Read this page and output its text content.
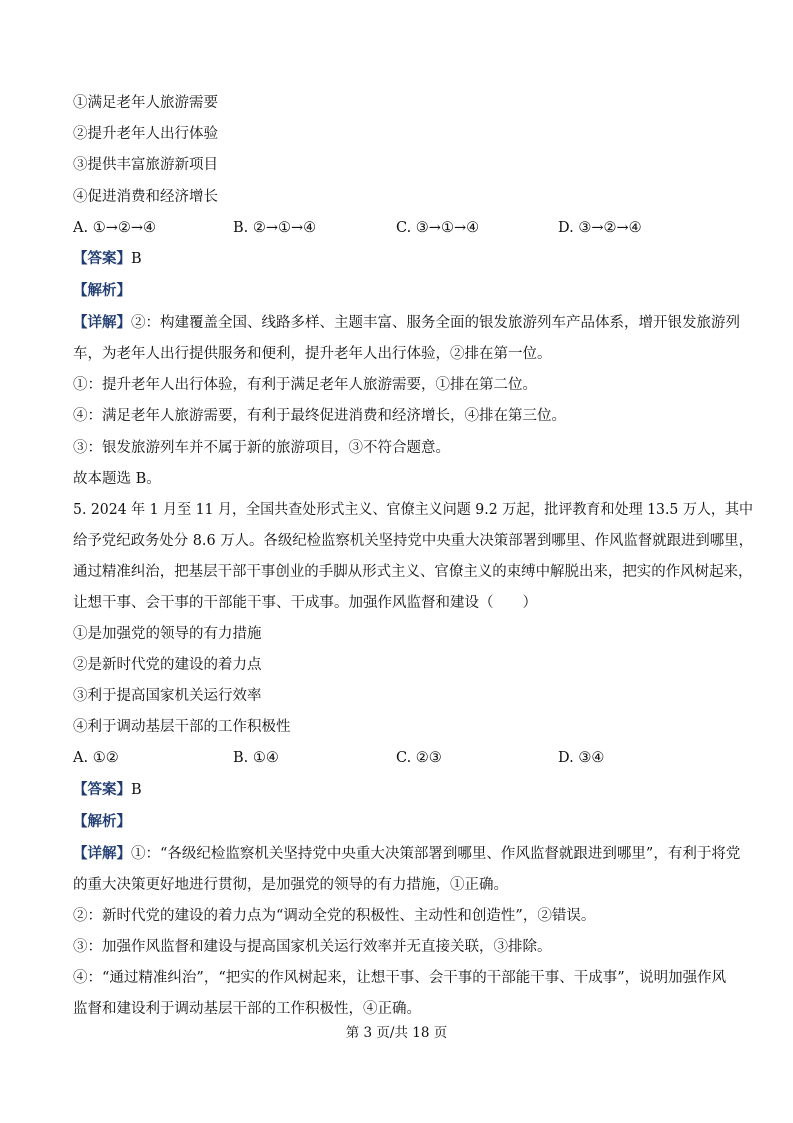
①满足老年人旅游需要
②提升老年人出行体验
③提供丰富旅游新项目
④促进消费和经济增长
A. ①→②→④	B. ②→①→④	C. ③→①→④	D. ③→②→④
【答案】B
【解析】
【详解】②：构建覆盖全国、线路多样、主题丰富、服务全面的银发旅游列车产品体系，增开银发旅游列
车，为老年人出行提供服务和便利，提升老年人出行体验，②排在第一位。
①：提升老年人出行体验，有利于满足老年人旅游需要，①排在第二位。
④：满足老年人旅游需要，有利于最终促进消费和经济增长，④排在第三位。
③：银发旅游列车并不属于新的旅游项目，③不符合题意。
故本题选 B。
5. 2024 年 1 月至 11 月，全国共查处形式主义、官僚主义问题 9.2 万起，批评教育和处理 13.5 万人，其中
给予党纪政务处分 8.6 万人。各级纪检监察机关坚持党中央重大决策部署到哪里、作风监督就跟进到哪里，
通过精准纠治，把基层干部干事创业的手脚从形式主义、官僚主义的束缚中解脱出来，把实的作风树起来，
让想干事、会干事的干部能干事、干成事。加强作风监督和建设（　　）
①是加强党的领导的有力措施
②是新时代党的建设的着力点
③利于提高国家机关运行效率
④利于调动基层干部的工作积极性
A. ①②	B. ①④	C. ②③	D. ③④
【答案】B
【解析】
【详解】①：“各级纪检监察机关坚持党中央重大决策部署到哪里、作风监督就跟进到哪里”，有利于将党
的重大决策更好地进行贯彻，是加强党的领导的有力措施，①正确。
②：新时代党的建设的着力点为“调动全党的积极性、主动性和创造性”，②错误。
③：加强作风监督和建设与提高国家机关运行效率并无直接关联，③排除。
④：“通过精准纠治”，“把实的作风树起来，让想干事、会干事的干部能干事、干成事”，说明加强作风
监督和建设利于调动基层干部的工作积极性，④正确。
第 3 页/共 18 页
